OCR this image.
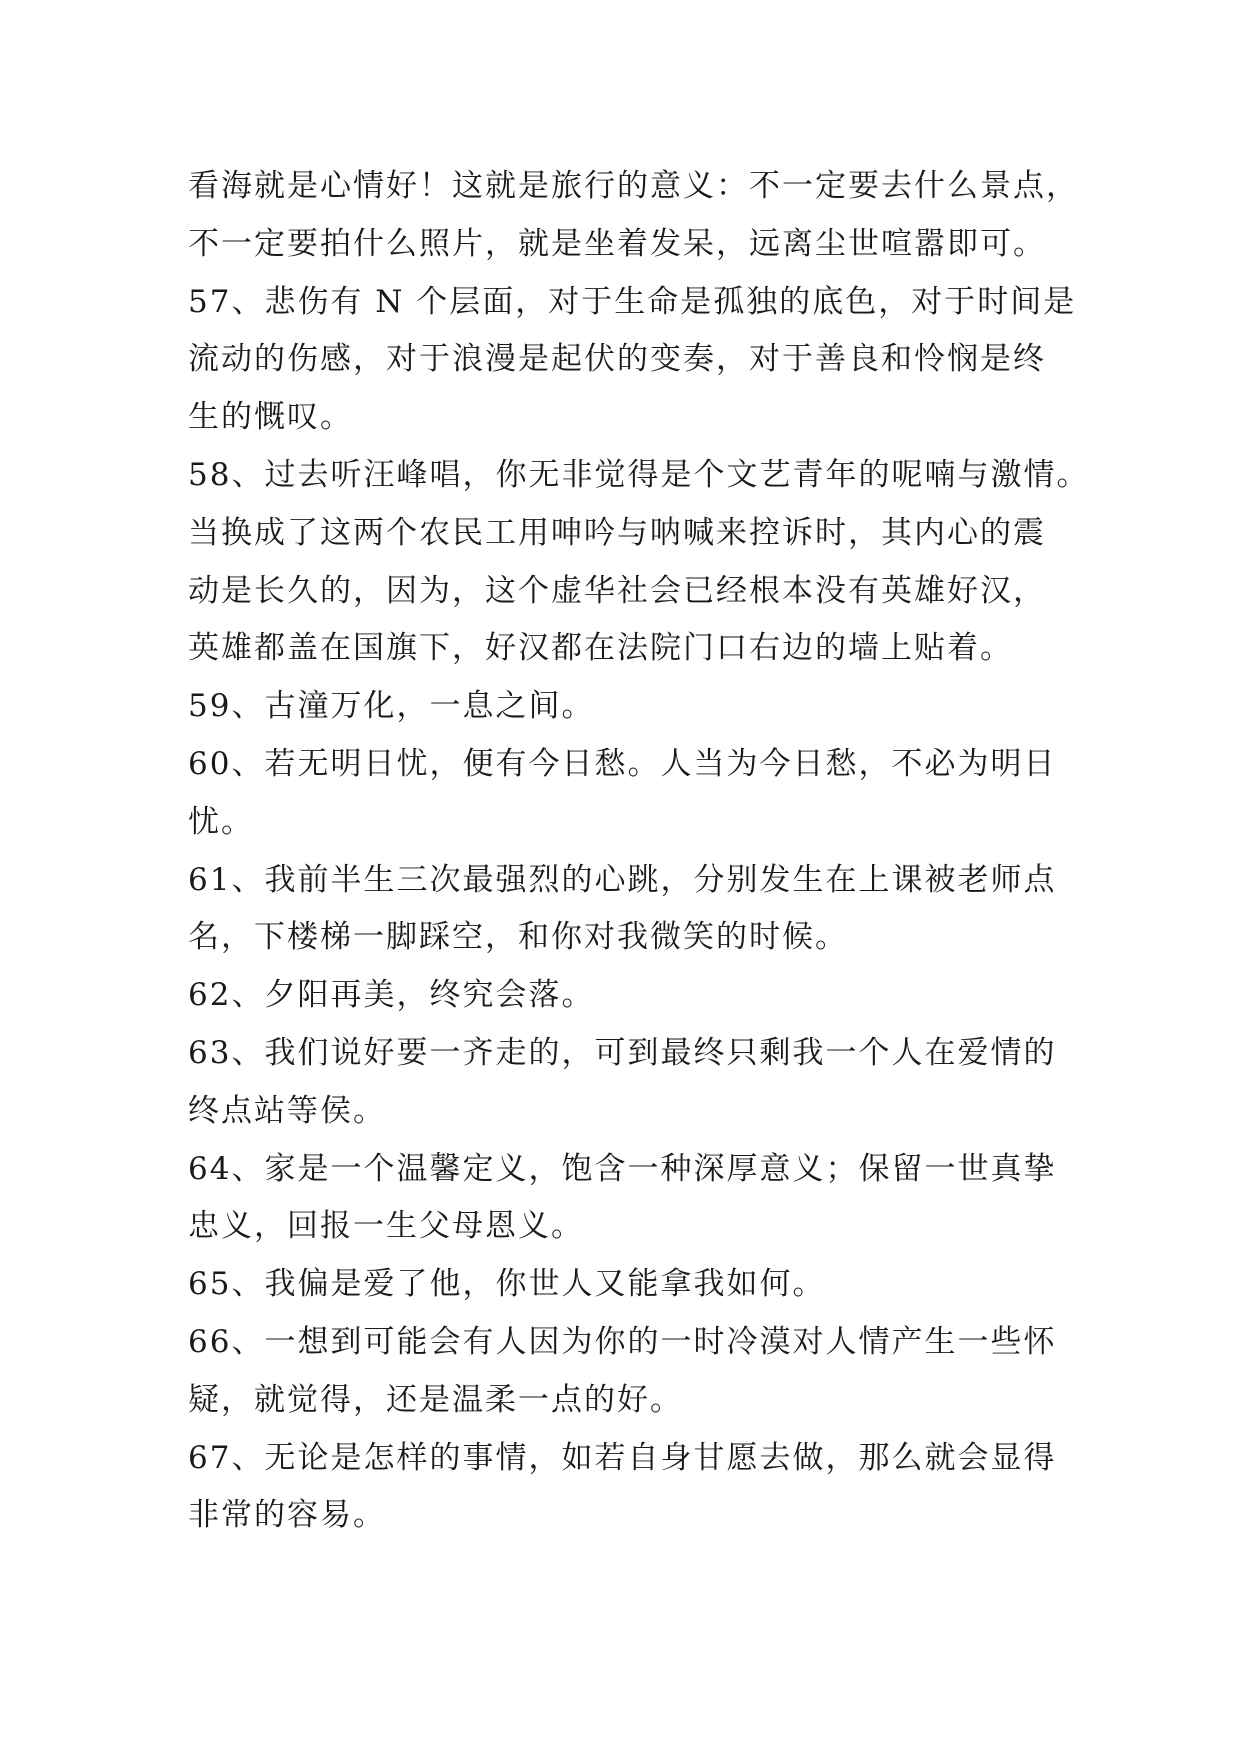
看海就是心情好！这就是旅行的意义：不一定要去什么景点，
不一定要拍什么照片，就是坐着发呆，远离尘世喧嚣即可。
57、悲伤有 N 个层面，对于生命是孤独的底色，对于时间是
流动的伤感，对于浪漫是起伏的变奏，对于善良和怜悯是终
生的慨叹。
58、过去听汪峰唱，你无非觉得是个文艺青年的呢喃与激情。
当换成了这两个农民工用呻吟与呐喊来控诉时，其内心的震
动是长久的，因为，这个虚华社会已经根本没有英雄好汉，
英雄都盖在国旗下，好汉都在法院门口右边的墙上贴着。
59、古潼万化，一息之间。
60、若无明日忧，便有今日愁。人当为今日愁，不必为明日
忧。
61、我前半生三次最强烈的心跳，分别发生在上课被老师点
名，下楼梯一脚踩空，和你对我微笑的时候。
62、夕阳再美，终究会落。
63、我们说好要一齐走的，可到最终只剩我一个人在爱情的
终点站等侯。
64、家是一个温馨定义，饱含一种深厚意义；保留一世真挚
忠义，回报一生父母恩义。
65、我偏是爱了他，你世人又能拿我如何。
66、一想到可能会有人因为你的一时冷漠对人情产生一些怀
疑，就觉得，还是温柔一点的好。
67、无论是怎样的事情，如若自身甘愿去做，那么就会显得
非常的容易。
